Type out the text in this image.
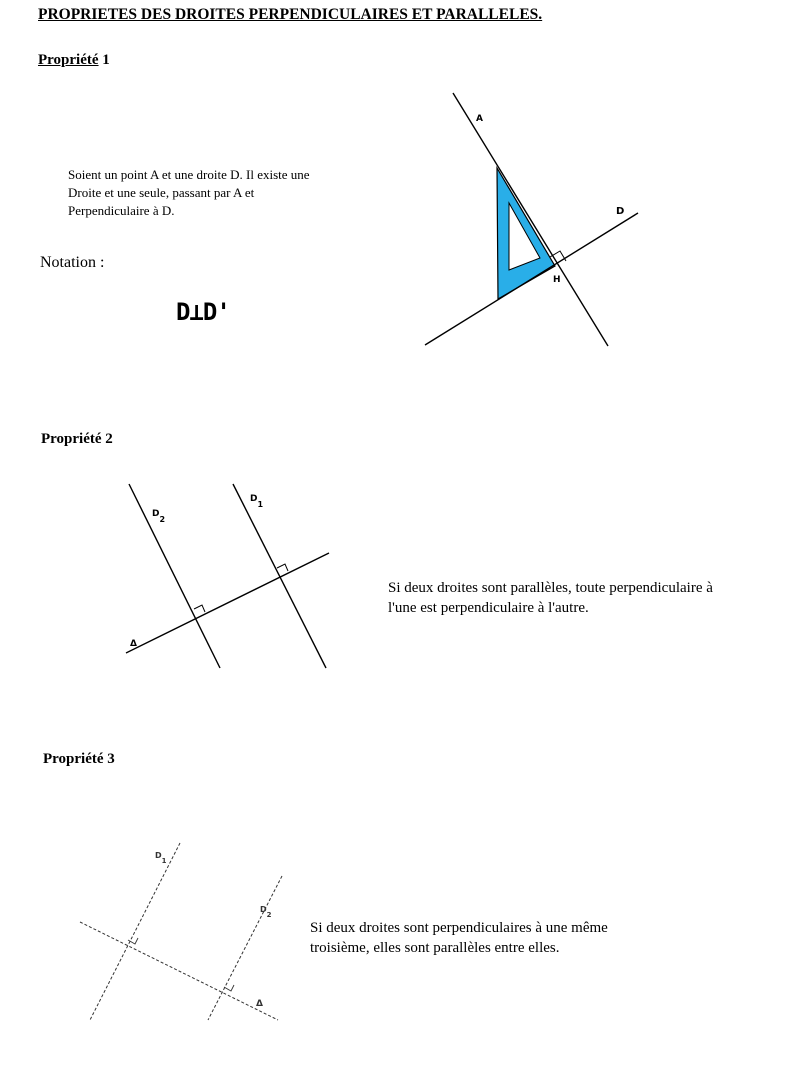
PROPRIETES DES DROITES PERPENDICULAIRES ET PARALLELES.
Propriété 1
Soient un point A et une droite D. Il existe une
Droite et une seule, passant par A et
Perpendiculaire à D.
Notation :
D⊥D'
A
D
H
Propriété 2
D2
D1
Δ
Si deux droites sont parallèles, toute perpendiculaire à
l'une est perpendiculaire à l'autre.
Propriété 3
D1
D2
Δ
Si deux droites sont perpendiculaires à une même
troisième, elles sont parallèles entre elles.
